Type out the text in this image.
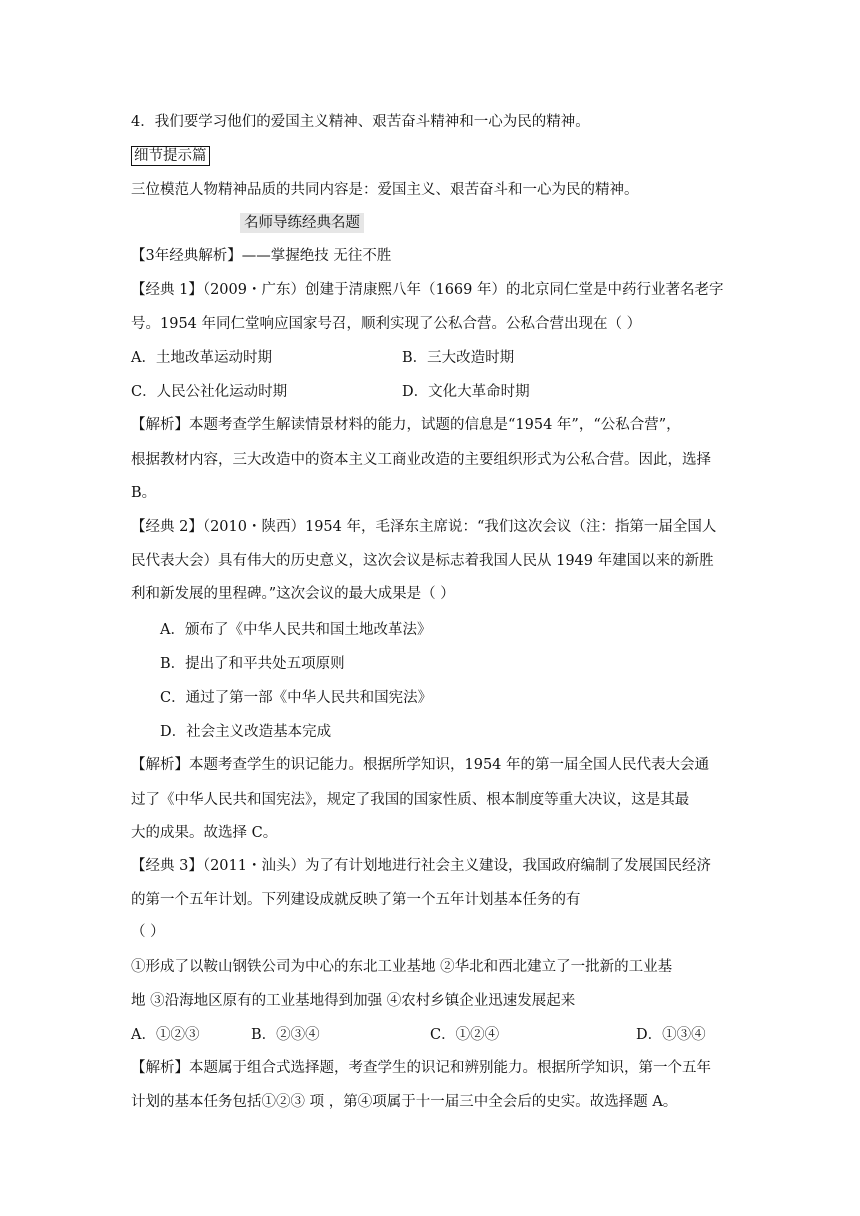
4．我们要学习他们的爱国主义精神、艰苦奋斗精神和一心为民的精神。
细节提示篇
三位模范人物精神品质的共同内容是：爱国主义、艰苦奋斗和一心为民的精神。
名师导练经典名题
【3年经典解析】——掌握绝技 无往不胜
【经典 1】（2009・广东）创建于清康熙八年（1669 年）的北京同仁堂是中药行业著名老字
号。1954 年同仁堂响应国家号召，顺利实现了公私合营。公私合营出现在（ ）
A．土地改革运动时期	B．三大改造时期
C．人民公社化运动时期	D．文化大革命时期
【解析】本题考查学生解读情景材料的能力，试题的信息是“1954 年”，“公私合营”，
根据教材内容，三大改造中的资本主义工商业改造的主要组织形式为公私合营。因此，选择
B。
【经典 2】（2010・陕西）1954 年，毛泽东主席说：“我们这次会议（注：指第一届全国人
民代表大会）具有伟大的历史意义，这次会议是标志着我国人民从 1949 年建国以来的新胜
利和新发展的里程碑。”这次会议的最大成果是（ ）
A．颁布了《中华人民共和国土地改革法》
B．提出了和平共处五项原则
C．通过了第一部《中华人民共和国宪法》
D．社会主义改造基本完成
【解析】本题考查学生的识记能力。根据所学知识，1954 年的第一届全国人民代表大会通
过了《中华人民共和国宪法》，规定了我国的国家性质、根本制度等重大决议，这是其最
大的成果。故选择 C。
【经典 3】（2011・汕头）为了有计划地进行社会主义建设，我国政府编制了发展国民经济
的第一个五年计划。下列建设成就反映了第一个五年计划基本任务的有
（ ）
①形成了以鞍山钢铁公司为中心的东北工业基地 ②华北和西北建立了一批新的工业基
地 ③沿海地区原有的工业基地得到加强 ④农村乡镇企业迅速发展起来
A．①②③	B．②③④	C．①②④	D．①③④
【解析】本题属于组合式选择题，考查学生的识记和辨别能力。根据所学知识，第一个五年
计划的基本任务包括①②③ 项 ，第④项属于十一届三中全会后的史实。故选择题 A。
